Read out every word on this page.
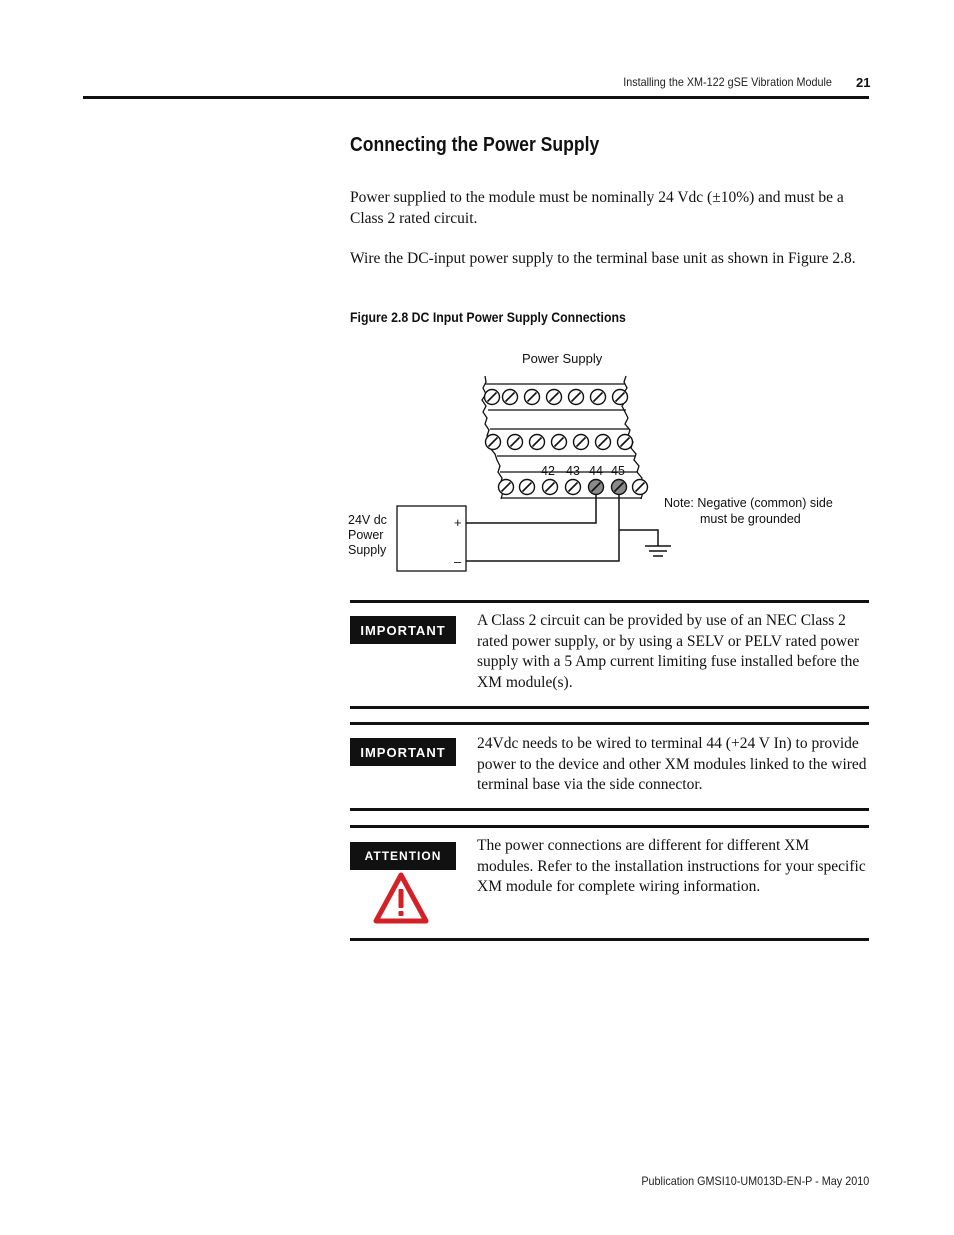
Installing the XM-122 gSE Vibration Module 21
Connecting the Power Supply
Power supplied to the module must be nominally 24 Vdc (±10%) and must be a Class 2 rated circuit.
Wire the DC-input power supply to the terminal base unit as shown in Figure 2.8.
Figure 2.8 DC Input Power Supply Connections
Power Supply
42 43 44 45
+
–
24V dc
Power
Supply
Note: Negative (common) side
must be grounded
IMPORTANT
A Class 2 circuit can be provided by use of an NEC Class 2 rated power supply, or by using a SELV or PELV rated power supply with a 5 Amp current limiting fuse installed before the XM module(s).
IMPORTANT	24Vdc needs to be wired to terminal 44 (+24 V In) to provide power to the device and other XM modules linked to the wired terminal base via the side connector.
ATTENTION
The power connections are different for different XM modules. Refer to the installation instructions for your specific XM module for complete wiring information.
Publication GMSI10-UM013D-EN-P - May 2010
